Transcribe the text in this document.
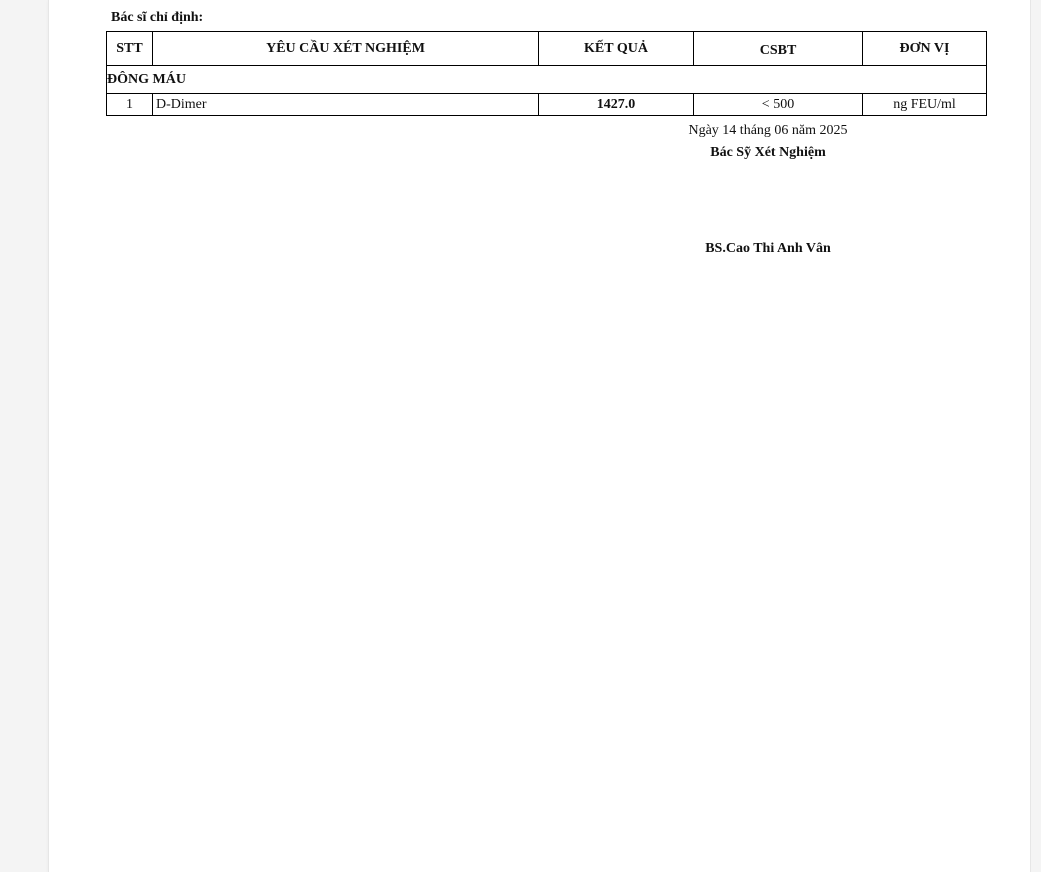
Bác sĩ chỉ định:
STT	YÊU CẦU XÉT NGHIỆM	KẾT QUẢ	CSBT	ĐƠN VỊ
ĐÔNG MÁU				
1	D-Dimer	1427.0	< 500	ng FEU/ml
Ngày 14 tháng 06 năm 2025
Bác Sỹ Xét Nghiệm
BS.Cao Thi Anh Vân
